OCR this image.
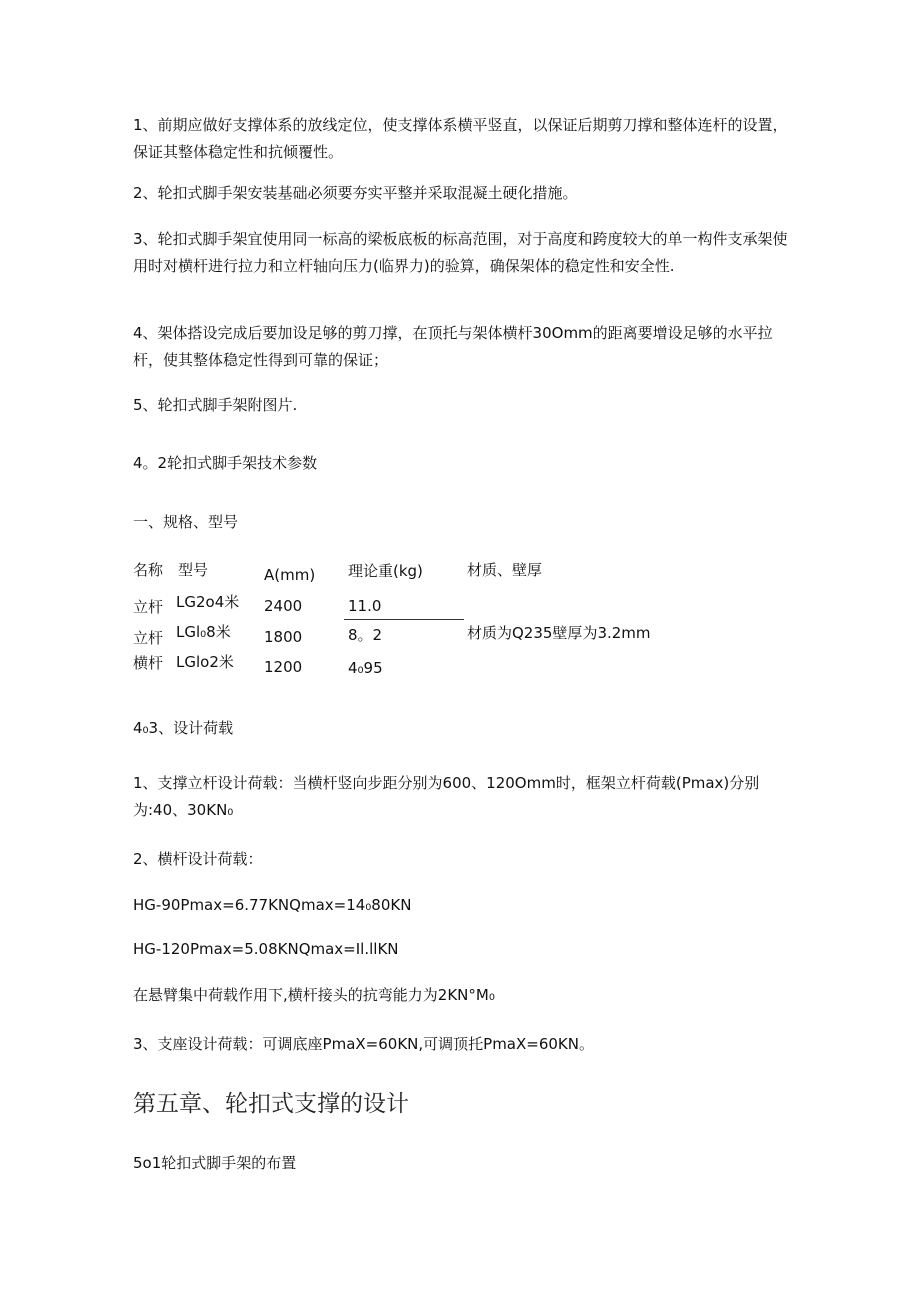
1、前期应做好支撑体系的放线定位，使支撑体系横平竖直，以保证后期剪刀撑和整体连杆的设置，保证其整体稳定性和抗倾覆性。

2、轮扣式脚手架安装基础必须要夯实平整并采取混凝土硬化措施。

3、轮扣式脚手架宜使用同一标高的梁板底板的标高范围，对于高度和跨度较大的单一构件支承架使用时对横杆进行拉力和立杆轴向压力(临界力)的验算，确保架体的稳定性和安全性.

4、架体搭设完成后要加设足够的剪刀撑，在顶托与架体横杆30Omm的距离要增设足够的水平拉杆，使其整体稳定性得到可靠的保证；

5、轮扣式脚手架附图片.

4。2轮扣式脚手架技术参数

一、规格、型号

名称 型号	A(mm) 理论重(kg)	材质、壁厚
立杆 LG2o4米 2400	11.0
立杆 LGl₀8米 1800	8。2	材质为Q235壁厚为3.2mm
横杆 LGlo2米 1200	4₀95

4₀3、设计荷载

1、支撑立杆设计荷载：当横杆竖向步距分别为600、120Omm时，框架立杆荷载(Pmax)分别为:40、30KN₀

2、横杆设计荷载：

HG-90Pmax=6.77KNQmax=14₀80KN

HG-120Pmax=5.08KNQmax=Il.llKN

在悬臂集中荷载作用下,横杆接头的抗弯能力为2KN°M₀

3、支座设计荷载：可调底座PmaX=60KN,可调顶托PmaX=60KN。

第五章、轮扣式支撑的设计

5o1轮扣式脚手架的布置
